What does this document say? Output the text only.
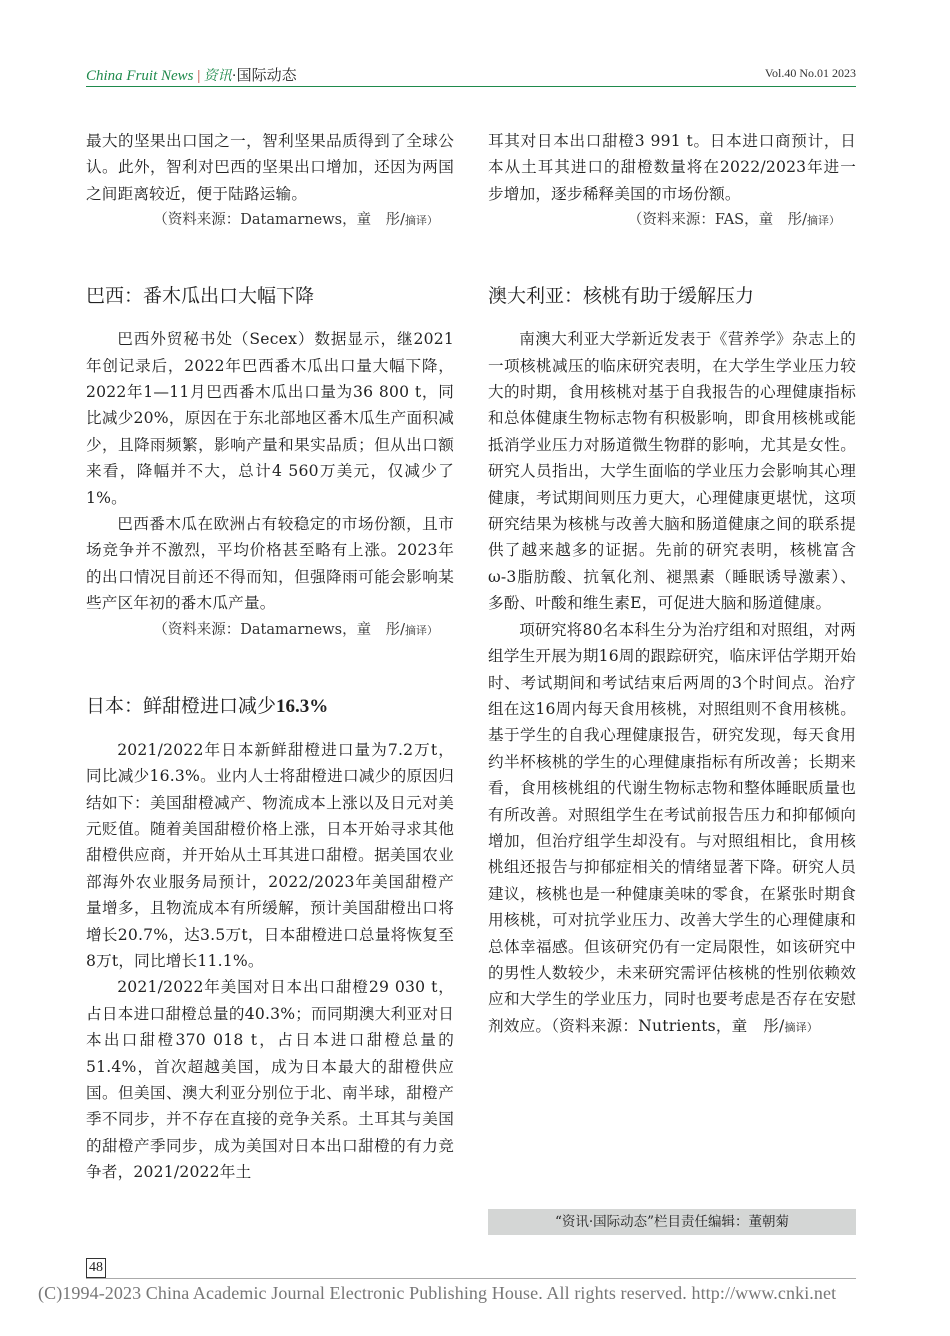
China Fruit News | 资讯·国际动态	Vol.40 No.01 2023

最大的坚果出口国之一，智利坚果品质得到了全球公认。此外，智利对巴西的坚果出口增加，还因为两国之间距离较近，便于陆路运输。

（资料来源：Datamarnews，童　彤/摘译）

巴西：番木瓜出口大幅下降

巴西外贸秘书处（Secex）数据显示，继2021年创记录后，2022年巴西番木瓜出口量大幅下降，2022年1—11月巴西番木瓜出口量为36 800 t，同比减少20%，原因在于东北部地区番木瓜生产面积减少，且降雨频繁，影响产量和果实品质；但从出口额来看，降幅并不大，总计4 560万美元，仅减少了1%。

巴西番木瓜在欧洲占有较稳定的市场份额，且市场竞争并不激烈，平均价格甚至略有上涨。2023年的出口情况目前还不得而知，但强降雨可能会影响某些产区年初的番木瓜产量。

（资料来源：Datamarnews，童　彤/摘译）

日本：鲜甜橙进口减少16.3%

2021/2022年日本新鲜甜橙进口量为7.2万t，同比减少16.3%。业内人士将甜橙进口减少的原因归结如下：美国甜橙减产、物流成本上涨以及日元对美元贬值。随着美国甜橙价格上涨，日本开始寻求其他甜橙供应商，并开始从土耳其进口甜橙。据美国农业部海外农业服务局预计，2022/2023年美国甜橙产量增多，且物流成本有所缓解，预计美国甜橙出口将增长20.7%，达3.5万t，日本甜橙进口总量将恢复至8万t，同比增长11.1%。

2021/2022年美国对日本出口甜橙29 030 t，占日本进口甜橙总量的40.3%；而同期澳大利亚对日本出口甜橙370 018 t，占日本进口甜橙总量的51.4%，首次超越美国，成为日本最大的甜橙供应国。但美国、澳大利亚分别位于北、南半球，甜橙产季不同步，并不存在直接的竞争关系。土耳其与美国的甜橙产季同步，成为美国对日本出口甜橙的有力竞争者，2021/2022年土

耳其对日本出口甜橙3 991 t。日本进口商预计，日本从土耳其进口的甜橙数量将在2022/2023年进一步增加，逐步稀释美国的市场份额。

（资料来源：FAS，童　彤/摘译）

澳大利亚：核桃有助于缓解压力

南澳大利亚大学新近发表于《营养学》杂志上的一项核桃减压的临床研究表明，在大学生学业压力较大的时期，食用核桃对基于自我报告的心理健康指标和总体健康生物标志物有积极影响，即食用核桃或能抵消学业压力对肠道微生物群的影响，尤其是女性。研究人员指出，大学生面临的学业压力会影响其心理健康，考试期间则压力更大，心理健康更堪忧，这项研究结果为核桃与改善大脑和肠道健康之间的联系提供了越来越多的证据。先前的研究表明，核桃富含ω-3脂肪酸、抗氧化剂、褪黑素（睡眠诱导激素）、多酚、叶酸和维生素E，可促进大脑和肠道健康。

项研究将80名本科生分为治疗组和对照组，对两组学生开展为期16周的跟踪研究，临床评估学期开始时、考试期间和考试结束后两周的3个时间点。治疗组在这16周内每天食用核桃，对照组则不食用核桃。基于学生的自我心理健康报告，研究发现，每天食用约半杯核桃的学生的心理健康指标有所改善；长期来看，食用核桃组的代谢生物标志物和整体睡眠质量也有所改善。对照组学生在考试前报告压力和抑郁倾向增加，但治疗组学生却没有。与对照组相比，食用核桃组还报告与抑郁症相关的情绪显著下降。研究人员建议，核桃也是一种健康美味的零食，在紧张时期食用核桃，可对抗学业压力、改善大学生的心理健康和总体幸福感。但该研究仍有一定局限性，如该研究中的男性人数较少，未来研究需评估核桃的性别依赖效应和大学生的学业压力，同时也要考虑是否存在安慰剂效应。（资料来源：Nutrients，童　彤/摘译）

“资讯·国际动态”栏目责任编辑：董朝菊
48
(C)1994-2023 China Academic Journal Electronic Publishing House. All rights reserved. http://www.cnki.net
